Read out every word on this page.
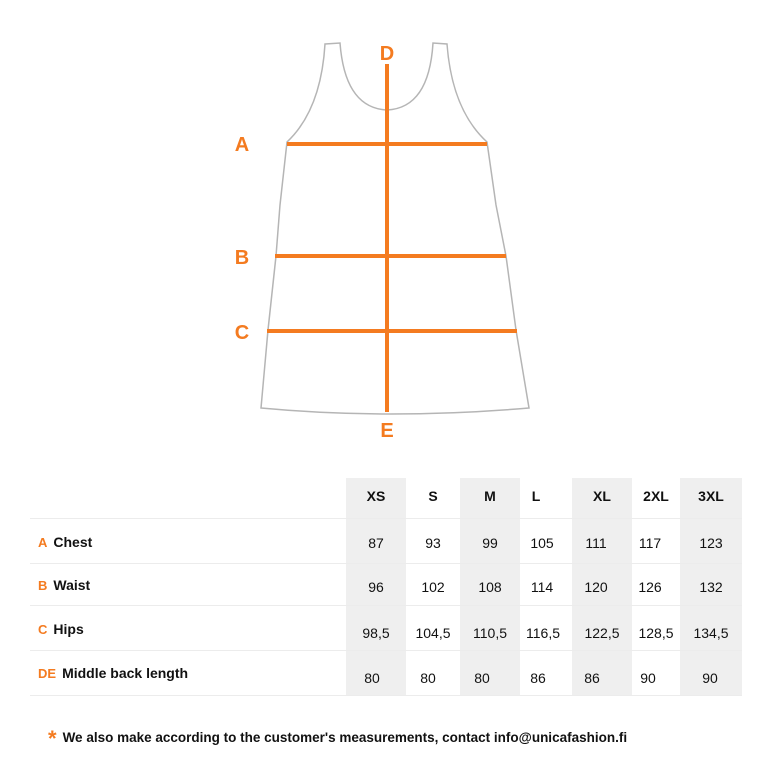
A
B
C
D
E
XS	S	M	L	XL	2XL	3XL
A Chest	87	93	99	105	111	117	123
B Waist	96	102	108	114	120	126	132
C Hips	98,5	104,5	110,5	116,5	122,5	128,5	134,5
DE Middle back length	80	80	80	86	86	90	90
* We also make according to the customer's measurements, contact info@unicafashion.fi
